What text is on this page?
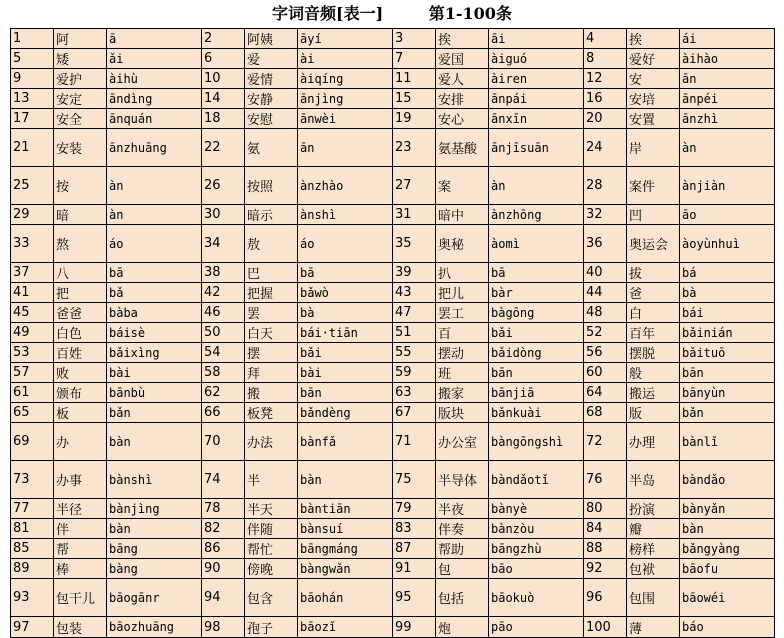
字词音频[表一]	第1-100条
1	阿	ā	2	阿姨	āyí	3	挨	āi	4	挨	ái
5	矮	ǎi	6	爱	ài	7	爱国	àiguó	8	爱好	àihào
9	爱护	àihù	10	爱情	àiqíng	11	爱人	àiren	12	安	ān
13	安定	āndìng	14	安静	ānjìng	15	安排	ānpái	16	安培	ānpéi
17	安全	ānquán	18	安慰	ānwèi	19	安心	ānxīn	20	安置	ānzhì
21	安装	ānzhuāng	22	氨	ān	23	氨基酸	ānjīsuān	24	岸	àn
25	按	àn	26	按照	ànzhào	27	案	àn	28	案件	ànjiàn
29	暗	àn	30	暗示	ànshì	31	暗中	ànzhōng	32	凹	āo
33	熬	áo	34	敖	áo	35	奥秘	àomì	36	奥运会	àoyùnhuì
37	八	bā	38	巴	bā	39	扒	bā	40	拔	bá
41	把	bǎ	42	把握	bǎwò	43	把儿	bàr	44	爸	bà
45	爸爸	bàba	46	罢	bà	47	罢工	bàgōng	48	白	bái
49	白色	báisè	50	白天	bái·tiān	51	百	bǎi	52	百年	bǎinián
53	百姓	bǎixìng	54	摆	bǎi	55	摆动	bǎidòng	56	摆脱	bǎituō
57	败	bài	58	拜	bài	59	班	bān	60	般	bān
61	颁布	bānbù	62	搬	bān	63	搬家	bānjiā	64	搬运	bānyùn
65	板	bǎn	66	板凳	bǎndèng	67	版块	bǎnkuài	68	版	bǎn
69	办	bàn	70	办法	bànfǎ	71	办公室	bàngōngshì	72	办理	bànlǐ
73	办事	bànshì	74	半	bàn	75	半导体	bàndǎotǐ	76	半岛	bàndǎo
77	半径	bànjìng	78	半天	bàntiān	79	半夜	bànyè	80	扮演	bànyǎn
81	伴	bàn	82	伴随	bànsuí	83	伴奏	bànzòu	84	瓣	bàn
85	帮	bāng	86	帮忙	bāngmáng	87	帮助	bāngzhù	88	榜样	bǎngyàng
89	棒	bàng	90	傍晚	bàngwǎn	91	包	bāo	92	包袱	bāofu
93	包干儿	bāogānr	94	包含	bāohán	95	包括	bāokuò	96	包围	bāowéi
97	包装	bāozhuāng	98	孢子	bāozǐ	99	炮	pāo	100	薄	báo
